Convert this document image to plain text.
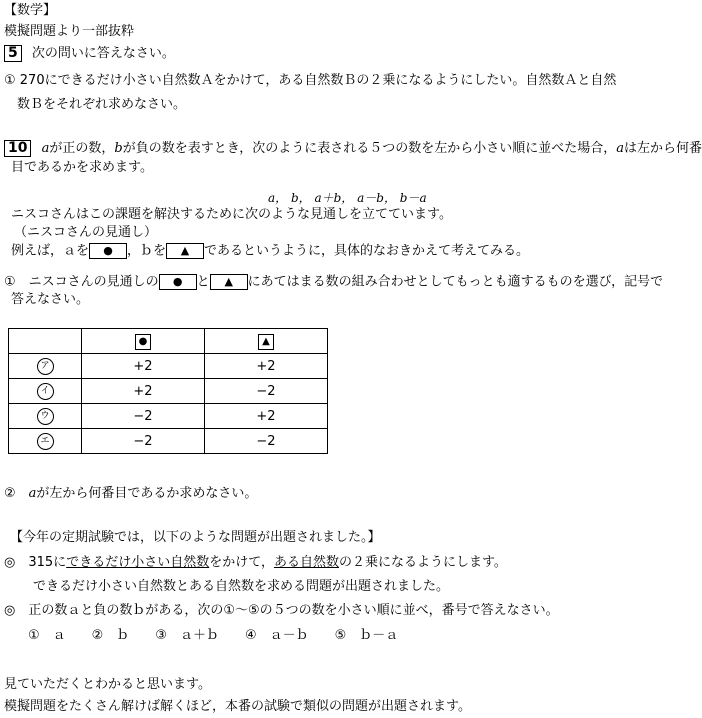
【数学】
模擬問題より一部抜粋
5 次の問いに答えなさい。
① 270にできるだけ小さい自然数Ａをかけて，ある自然数Ｂの２乗になるようにしたい。自然数Ａと自然
数Ｂをそれぞれ求めなさい。
10 aが正の数，bが負の数を表すとき，次のように表される５つの数を左から小さい順に並べた場合，aは左から何番
目であるかを求めます。
a， b， a＋b， a－b， b－a
ニスコさんはこの課題を解決するために次のような見通しを立てています。
（ニスコさんの見通し）
例えば，ａを ● ，ｂを ▲ であるというように，具体的なおきかえて考えてみる。
①　ニスコさんの見通しの ● と ▲ にあてはまる数の組み合わせとしてもっとも適するものを選び，記号で
答えなさい。
	●	▲
ア	+2	+2
イ	+2	−2
ウ	−2	+2
エ	−2	−2
②　aが左から何番目であるか求めなさい。
【今年の定期試験では，以下のような問題が出題されました。】
◎　 315にできるだけ小さい自然数をかけて，ある自然数の２乗になるようにします。
できるだけ小さい自然数とある自然数を求める問題が出題されました。
◎　正の数ａと負の数ｂがある，次の①～⑤の５つの数を小さい順に並べ，番号で答えなさい。
①　ａ　　②　ｂ　　③　ａ＋ｂ　　④　ａ－ｂ　　⑤　ｂ－ａ
見ていただくとわかると思います。
模擬問題をたくさん解けば解くほど，本番の試験で類似の問題が出題されます。
